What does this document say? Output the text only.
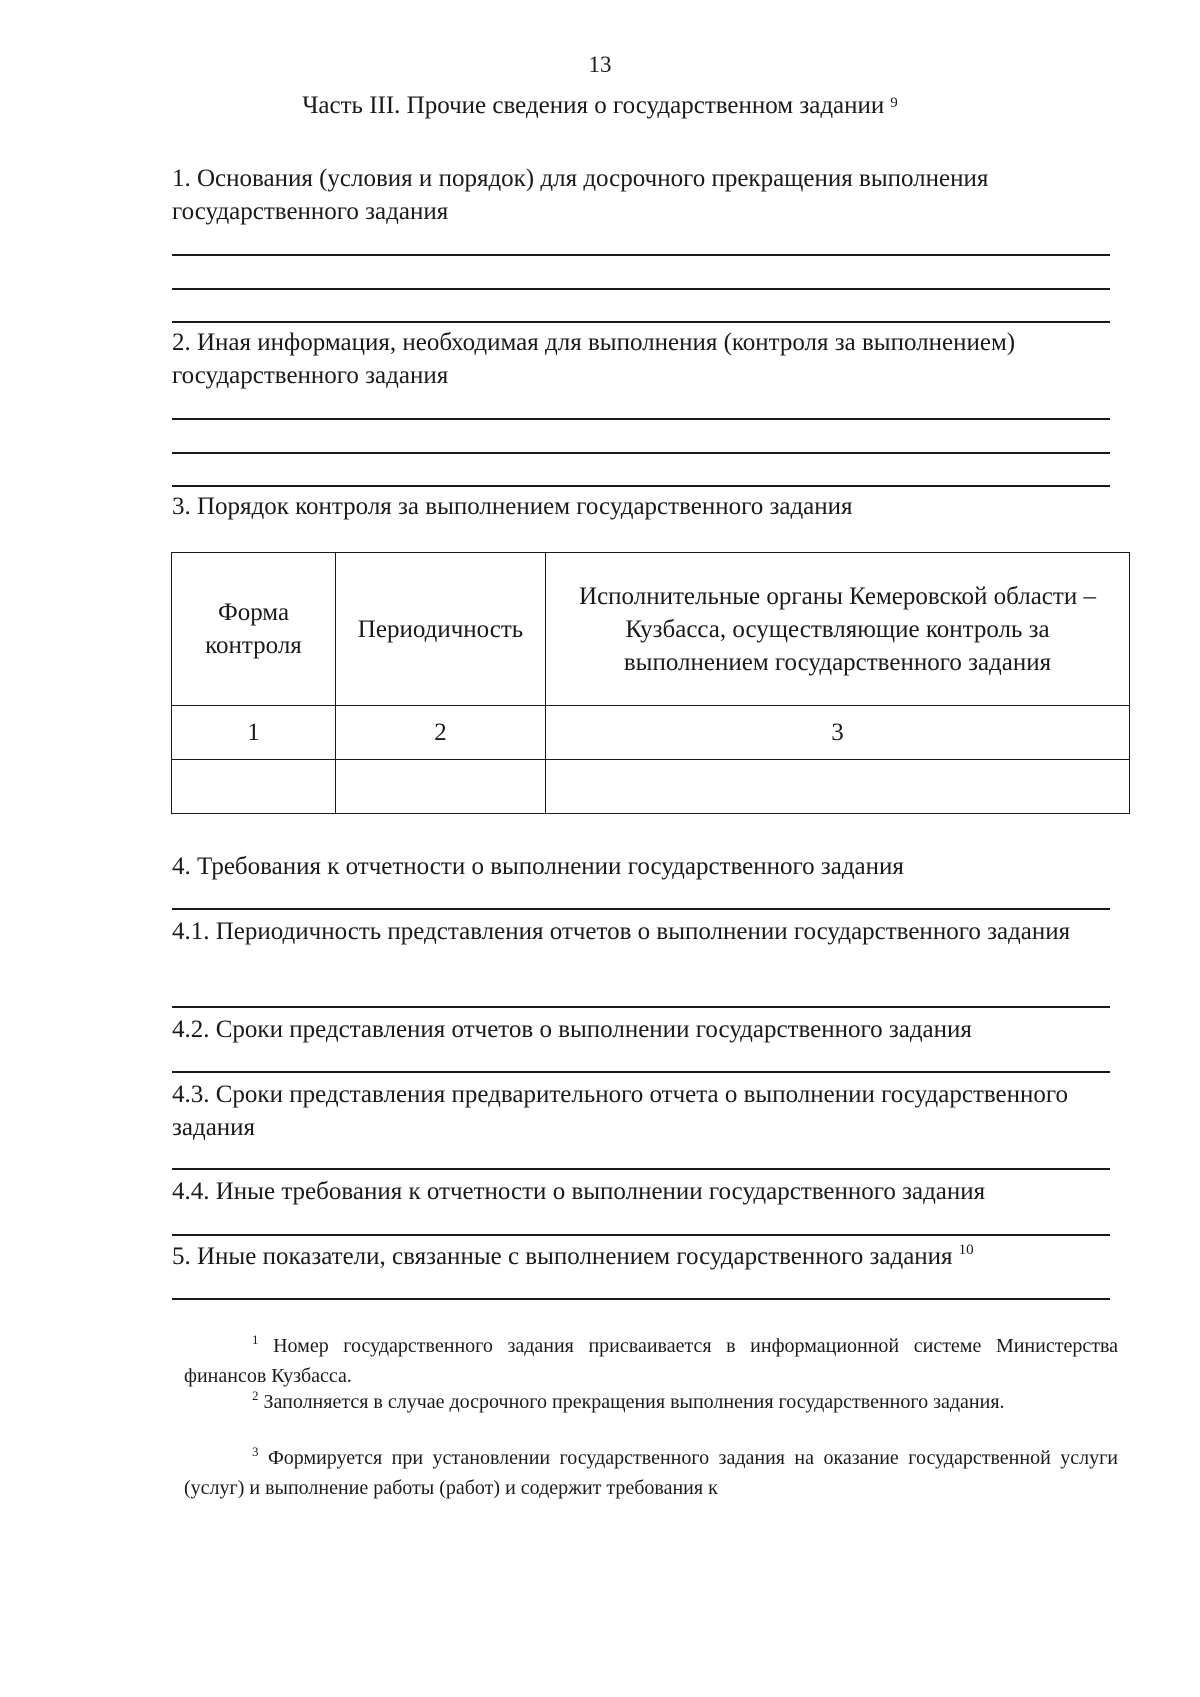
13
Часть III. Прочие сведения о государственном задании $^9$
1. Основания (условия и порядок) для досрочного прекращения выполнения государственного задания
2. Иная информация, необходимая для выполнения (контроля за выполнением) государственного задания
3. Порядок контроля за выполнением государственного задания
Форма контроля	Периодичность	Исполнительные органы Кемеровской области – Кузбасса, осуществляющие контроль за выполнением государственного задания
1	2	3

4. Требования к отчетности о выполнении государственного задания
4.1. Периодичность представления отчетов о выполнении государственного задания
4.2. Сроки представления отчетов о выполнении государственного задания
4.3. Сроки представления предварительного отчета о выполнении государственного задания
4.4. Иные требования к отчетности о выполнении государственного задания
5. Иные показатели, связанные с выполнением государственного задания $^{10}$
$^1$ Номер государственного задания присваивается в информационной системе Министерства финансов Кузбасса.
$^2$ Заполняется в случае досрочного прекращения выполнения государственного задания.
$^3$ Формируется при установлении государственного задания на оказание государственной услуги (услуг) и выполнение работы (работ) и содержит требования к
